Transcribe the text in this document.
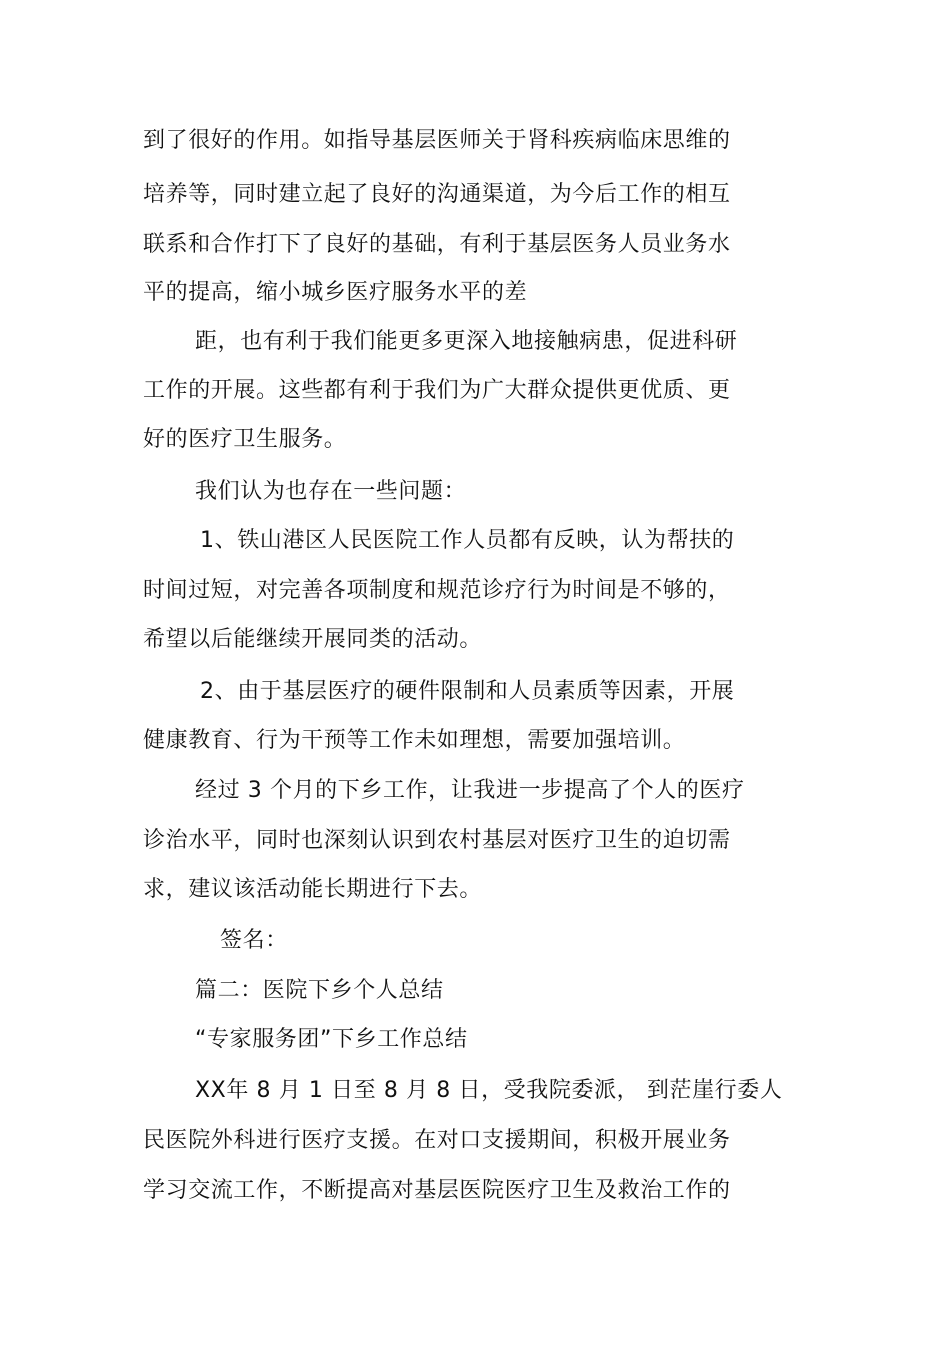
到了很好的作用。如指导基层医师关于肾科疾病临床思维的
培养等，同时建立起了良好的沟通渠道，为今后工作的相互
联系和合作打下了良好的基础，有利于基层医务人员业务水
平的提高，缩小城乡医疗服务水平的差
距，也有利于我们能更多更深入地接触病患，促进科研
工作的开展。这些都有利于我们为广大群众提供更优质、更
好的医疗卫生服务。
我们认为也存在一些问题：
1、铁山港区人民医院工作人员都有反映，认为帮扶的
时间过短，对完善各项制度和规范诊疗行为时间是不够的，
希望以后能继续开展同类的活动。
2、由于基层医疗的硬件限制和人员素质等因素，开展
健康教育、行为干预等工作未如理想，需要加强培训。
经过 3 个月的下乡工作，让我进一步提高了个人的医疗
诊治水平，同时也深刻认识到农村基层对医疗卫生的迫切需
求，建议该活动能长期进行下去。
签名：
篇二：医院下乡个人总结
“专家服务团”下乡工作总结
XX年 8 月 1 日至 8 月 8 日，受我院委派， 到茫崖行委人
民医院外科进行医疗支援。在对口支援期间，积极开展业务
学习交流工作，不断提高对基层医院医疗卫生及救治工作的
